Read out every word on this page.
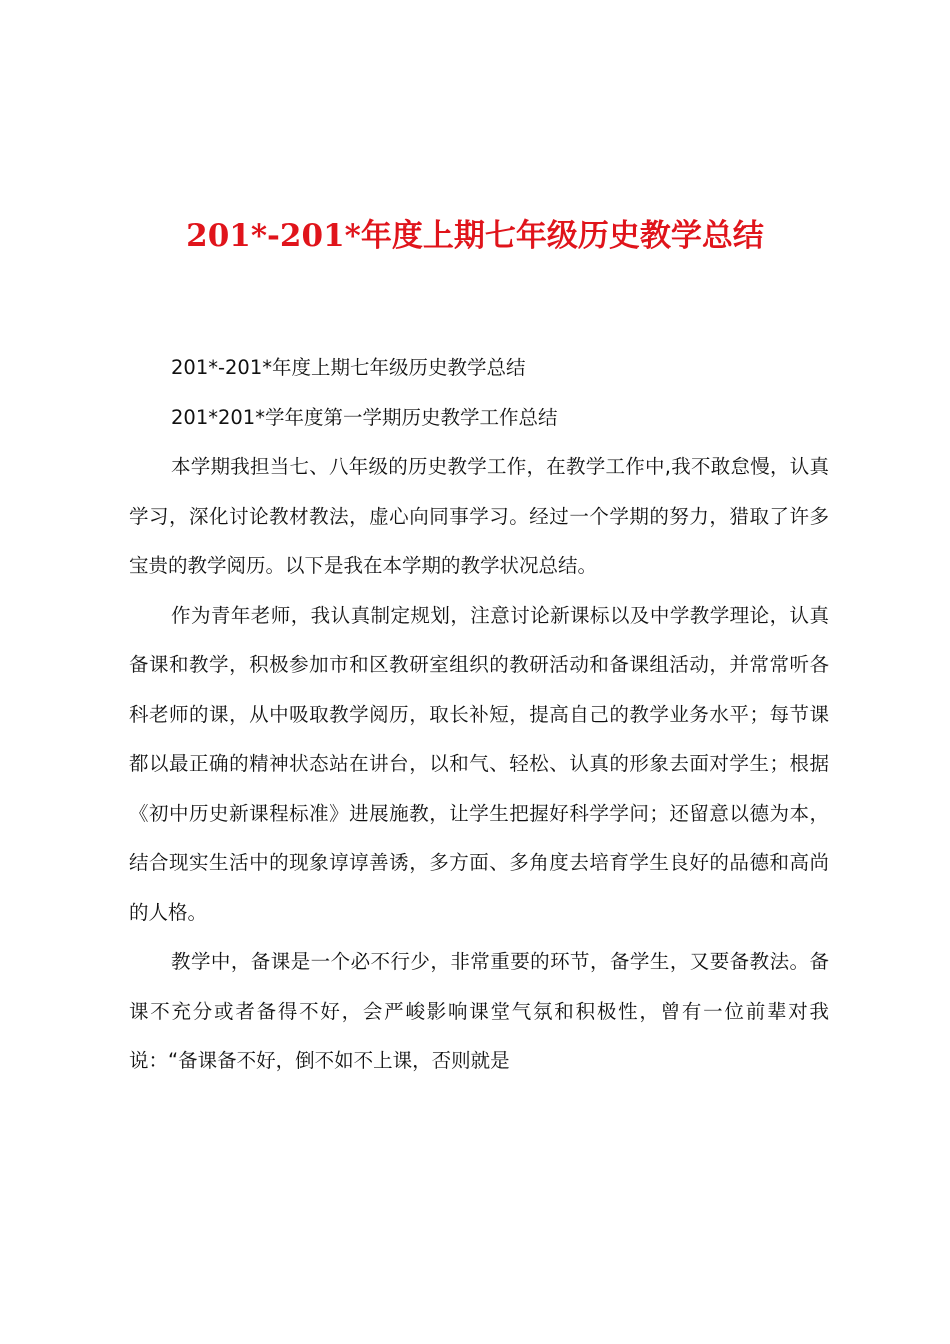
201*-201*年度上期七年级历史教学总结

201*-201*年度上期七年级历史教学总结

201*201*学年度第一学期历史教学工作总结

本学期我担当七、八年级的历史教学工作，在教学工作中,我不敢怠慢，认真学习，深化讨论教材教法，虚心向同事学习。经过一个学期的努力，猎取了许多宝贵的教学阅历。以下是我在本学期的教学状况总结。

作为青年老师，我认真制定规划，注意讨论新课标以及中学教学理论，认真备课和教学，积极参加市和区教研室组织的教研活动和备课组活动，并常常听各科老师的课，从中吸取教学阅历，取长补短，提高自己的教学业务水平；每节课都以最正确的精神状态站在讲台，以和气、轻松、认真的形象去面对学生；根据《初中历史新课程标准》进展施教，让学生把握好科学学问；还留意以德为本，结合现实生活中的现象谆谆善诱，多方面、多角度去培育学生良好的品德和高尚的人格。

教学中，备课是一个必不行少，非常重要的环节，备学生，又要备教法。备课不充分或者备得不好，会严峻影响课堂气氛和积极性，曾有一位前辈对我说：“备课备不好，倒不如不上课，否则就是
